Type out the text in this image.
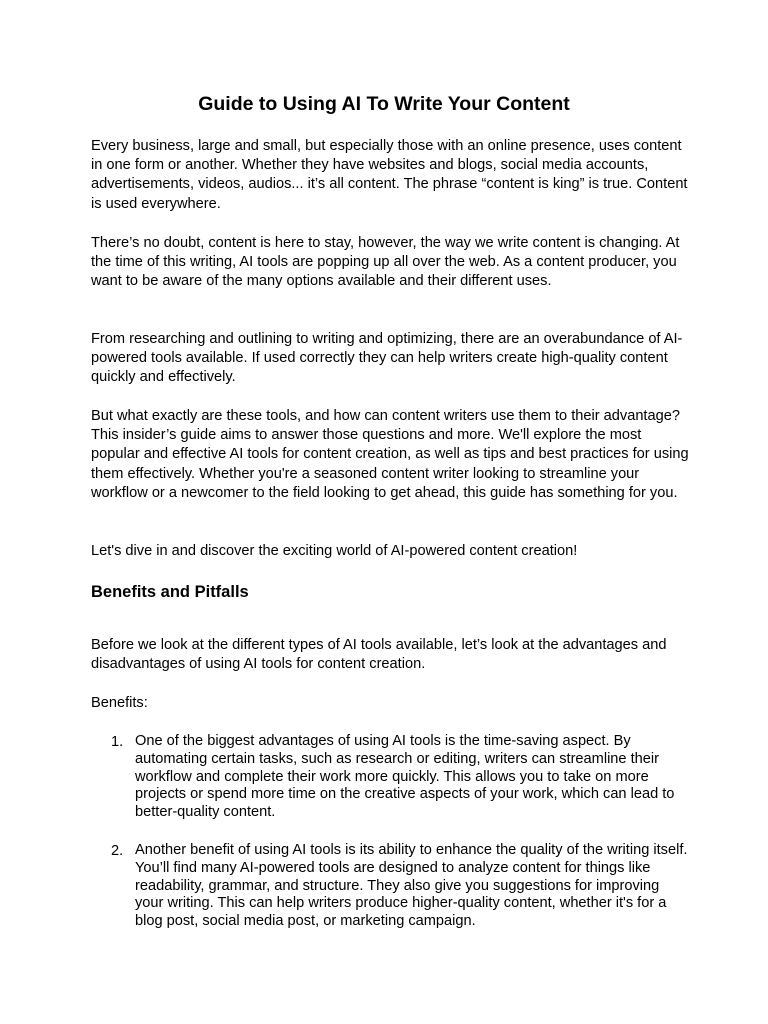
Guide to Using AI To Write Your Content

Every business, large and small, but especially those with an online presence, uses content in one form or another. Whether they have websites and blogs, social media accounts, advertisements, videos, audios... it’s all content. The phrase “content is king” is true. Content is used everywhere.

There’s no doubt, content is here to stay, however, the way we write content is changing. At the time of this writing, AI tools are popping up all over the web. As a content producer, you want to be aware of the many options available and their different uses.

From researching and outlining to writing and optimizing, there are an overabundance of AI-powered tools available. If used correctly they can help writers create high-quality content quickly and effectively.

But what exactly are these tools, and how can content writers use them to their advantage? This insider’s guide aims to answer those questions and more. We'll explore the most popular and effective AI tools for content creation, as well as tips and best practices for using them effectively. Whether you're a seasoned content writer looking to streamline your workflow or a newcomer to the field looking to get ahead, this guide has something for you.

Let's dive in and discover the exciting world of AI-powered content creation!

Benefits and Pitfalls

Before we look at the different types of AI tools available, let’s look at the advantages and disadvantages of using AI tools for content creation.

Benefits:

1. One of the biggest advantages of using AI tools is the time-saving aspect. By automating certain tasks, such as research or editing, writers can streamline their workflow and complete their work more quickly. This allows you to take on more projects or spend more time on the creative aspects of your work, which can lead to better-quality content.

2. Another benefit of using AI tools is its ability to enhance the quality of the writing itself. You’ll find many AI-powered tools are designed to analyze content for things like readability, grammar, and structure. They also give you suggestions for improving your writing. This can help writers produce higher-quality content, whether it's for a blog post, social media post, or marketing campaign.
